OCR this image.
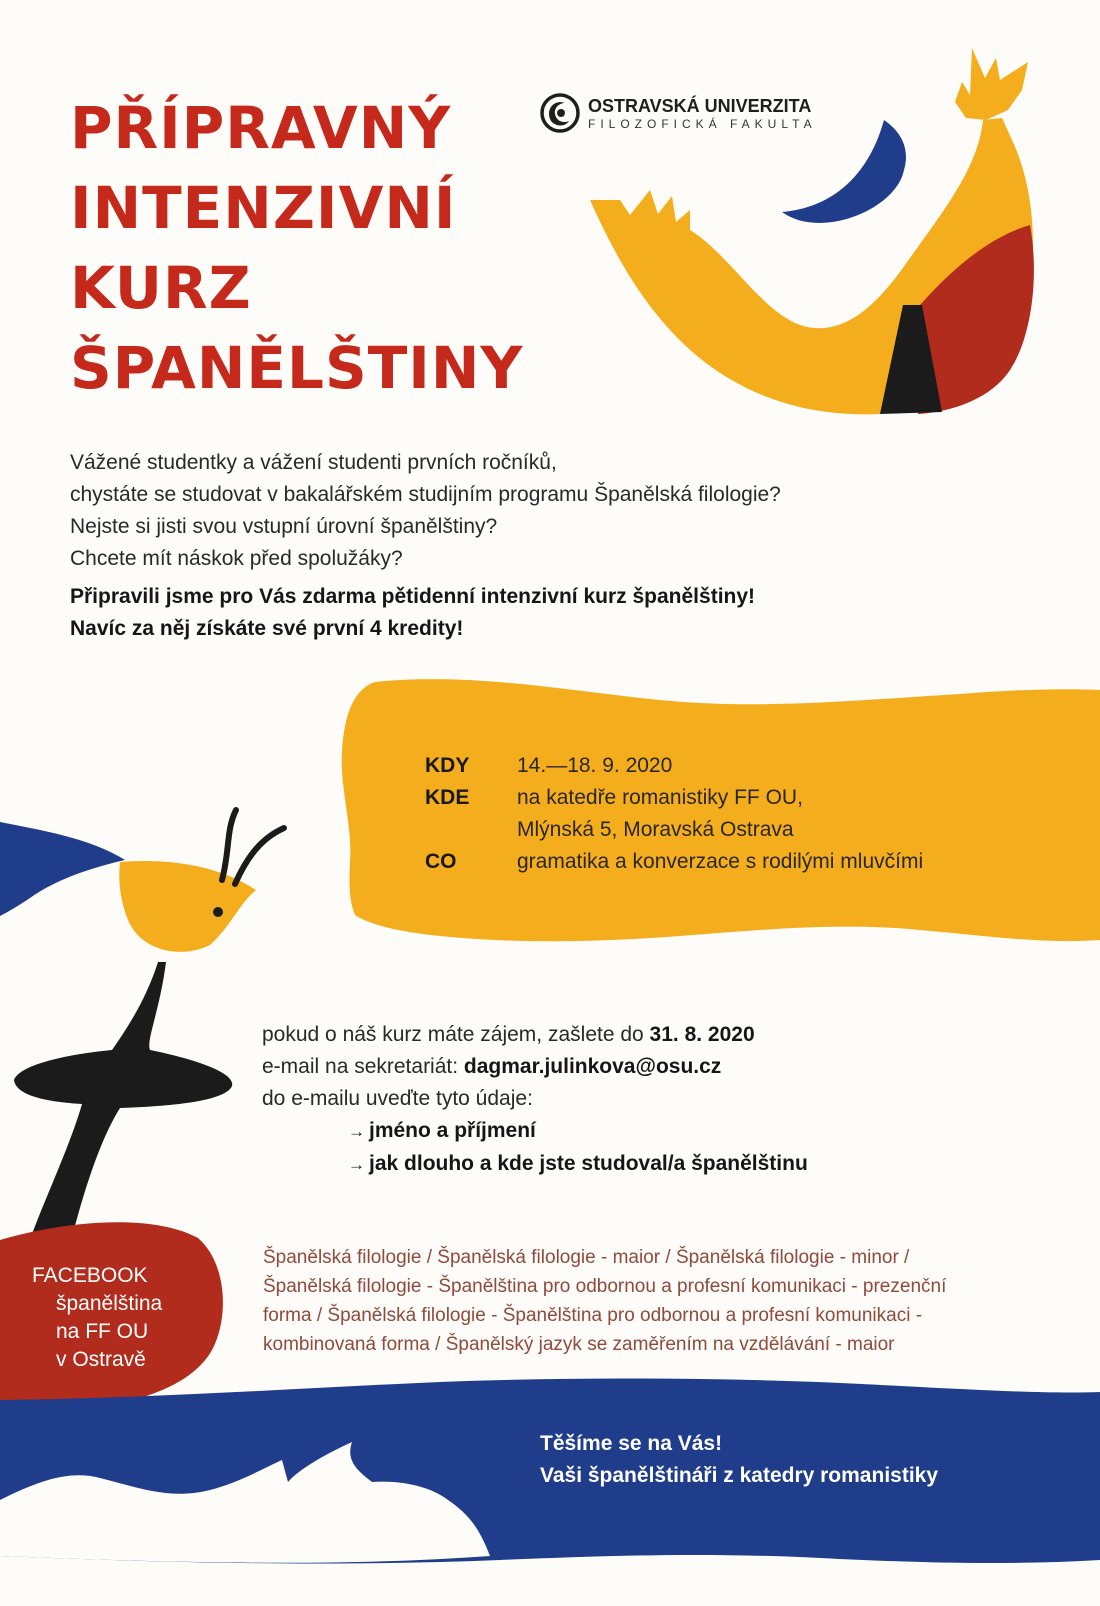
PŘÍPRAVNÝ
INTENZIVNÍ
KURZ
ŠPANĚLŠTINY
OSTRAVSKÁ UNIVERZITA
FILOZOFICKÁ FAKULTA
Vážené studentky a vážení studenti prvních ročníků,
chystáte se studovat v bakalářském studijním programu Španělská filologie?
Nejste si jisti svou vstupní úrovní španělštiny?
Chcete mít náskok před spolužáky?
Připravili jsme pro Vás zdarma pětidenní intenzivní kurz španělštiny!
Navíc za něj získáte své první 4 kredity!
KDY	14.—18. 9. 2020
KDE	na katedře romanistiky FF OU,
Mlýnská 5, Moravská Ostrava
CO	gramatika a konverzace s rodilými mluvčími
pokud o náš kurz máte zájem, zašlete do 31. 8. 2020
e-mail na sekretariát: dagmar.julinkova@osu.cz
do e-mailu uveďte tyto údaje:
→ jméno a příjmení
→ jak dlouho a kde jste studoval/a španělštinu
Španělská filologie / Španělská filologie - maior / Španělská filologie - minor /
Španělská filologie - Španělština pro odbornou a profesní komunikaci - prezenční
forma / Španělská filologie - Španělština pro odbornou a profesní komunikaci -
kombinovaná forma / Španělský jazyk se zaměřením na vzdělávání - maior
FACEBOOK
španělština
na FF OU
v Ostravě
Těšíme se na Vás!
Vaši španělštináři z katedry romanistiky
